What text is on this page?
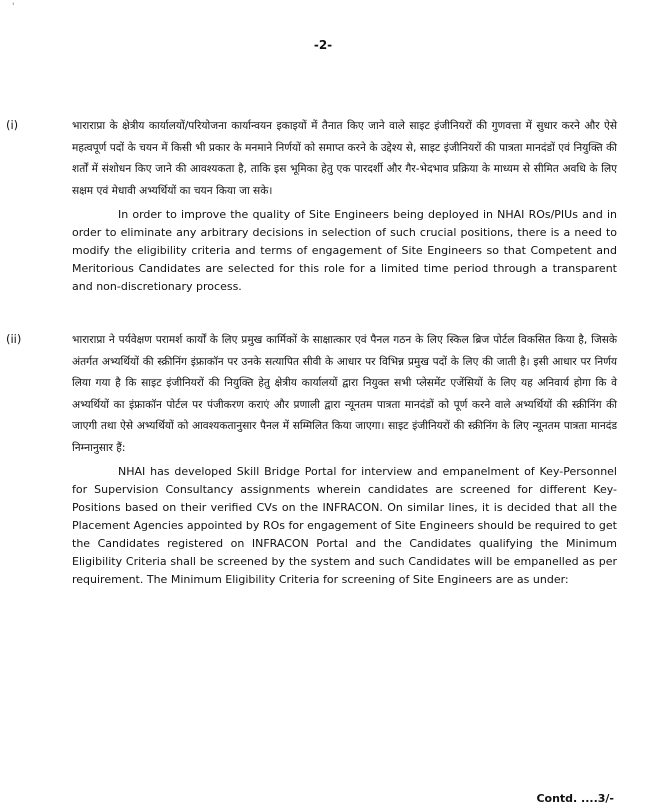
'
-2-
(i)	भाराराप्रा के क्षेत्रीय कार्यालयों/परियोजना कार्यान्वयन इकाइयों में तैनात किए जाने वाले साइट इंजीनियरों की गुणवत्ता में सुधार करने और ऐसे महत्वपूर्ण पदों के चयन में किसी भी प्रकार के मनमाने निर्णयों को समाप्त करने के उद्देश्य से, साइट इंजीनियरों की पात्रता मानदंडों एवं नियुक्ति की शर्तों में संशोधन किए जाने की आवश्यकता है, ताकि इस भूमिका हेतु एक पारदर्शी और गैर-भेदभाव प्रक्रिया के माध्यम से सीमित अवधि के लिए सक्षम एवं मेधावी अभ्यर्थियों का चयन किया जा सके।

In order to improve the quality of Site Engineers being deployed in NHAI ROs/PIUs and in order to eliminate any arbitrary decisions in selection of such crucial positions, there is a need to modify the eligibility criteria and terms of engagement of Site Engineers so that Competent and Meritorious Candidates are selected for this role for a limited time period through a transparent and non-discretionary process.

(ii)	भाराराप्रा ने पर्यवेक्षण परामर्श कार्यों के लिए प्रमुख कार्मिकों के साक्षात्कार एवं पैनल गठन के लिए स्किल ब्रिज पोर्टल विकसित किया है, जिसके अंतर्गत अभ्यर्थियों की स्क्रीनिंग इंफ्राकॉन पर उनके सत्यापित सीवी के आधार पर विभिन्न प्रमुख पदों के लिए की जाती है। इसी आधार पर निर्णय लिया गया है कि साइट इंजीनियरों की नियुक्ति हेतु क्षेत्रीय कार्यालयों द्वारा नियुक्त सभी प्लेसमेंट एजेंसियों के लिए यह अनिवार्य होगा कि वे अभ्यर्थियों का इंफ्राकॉन पोर्टल पर पंजीकरण कराएं और प्रणाली द्वारा न्यूनतम पात्रता मानदंडों को पूर्ण करने वाले अभ्यर्थियों की स्क्रीनिंग की जाएगी तथा ऐसे अभ्यर्थियों को आवश्यकतानुसार पैनल में सम्मिलित किया जाएगा। साइट इंजीनियरों की स्क्रीनिंग के लिए न्यूनतम पात्रता मानदंड निम्नानुसार हैं:

NHAI has developed Skill Bridge Portal for interview and empanelment of Key-Personnel for Supervision Consultancy assignments wherein candidates are screened for different Key-Positions based on their verified CVs on the INFRACON. On similar lines, it is decided that all the Placement Agencies appointed by ROs for engagement of Site Engineers should be required to get the Candidates registered on INFRACON Portal and the Candidates qualifying the Minimum Eligibility Criteria shall be screened by the system and such Candidates will be empanelled as per requirement. The Minimum Eligibility Criteria for screening of Site Engineers are as under:

Contd. ....3/-
